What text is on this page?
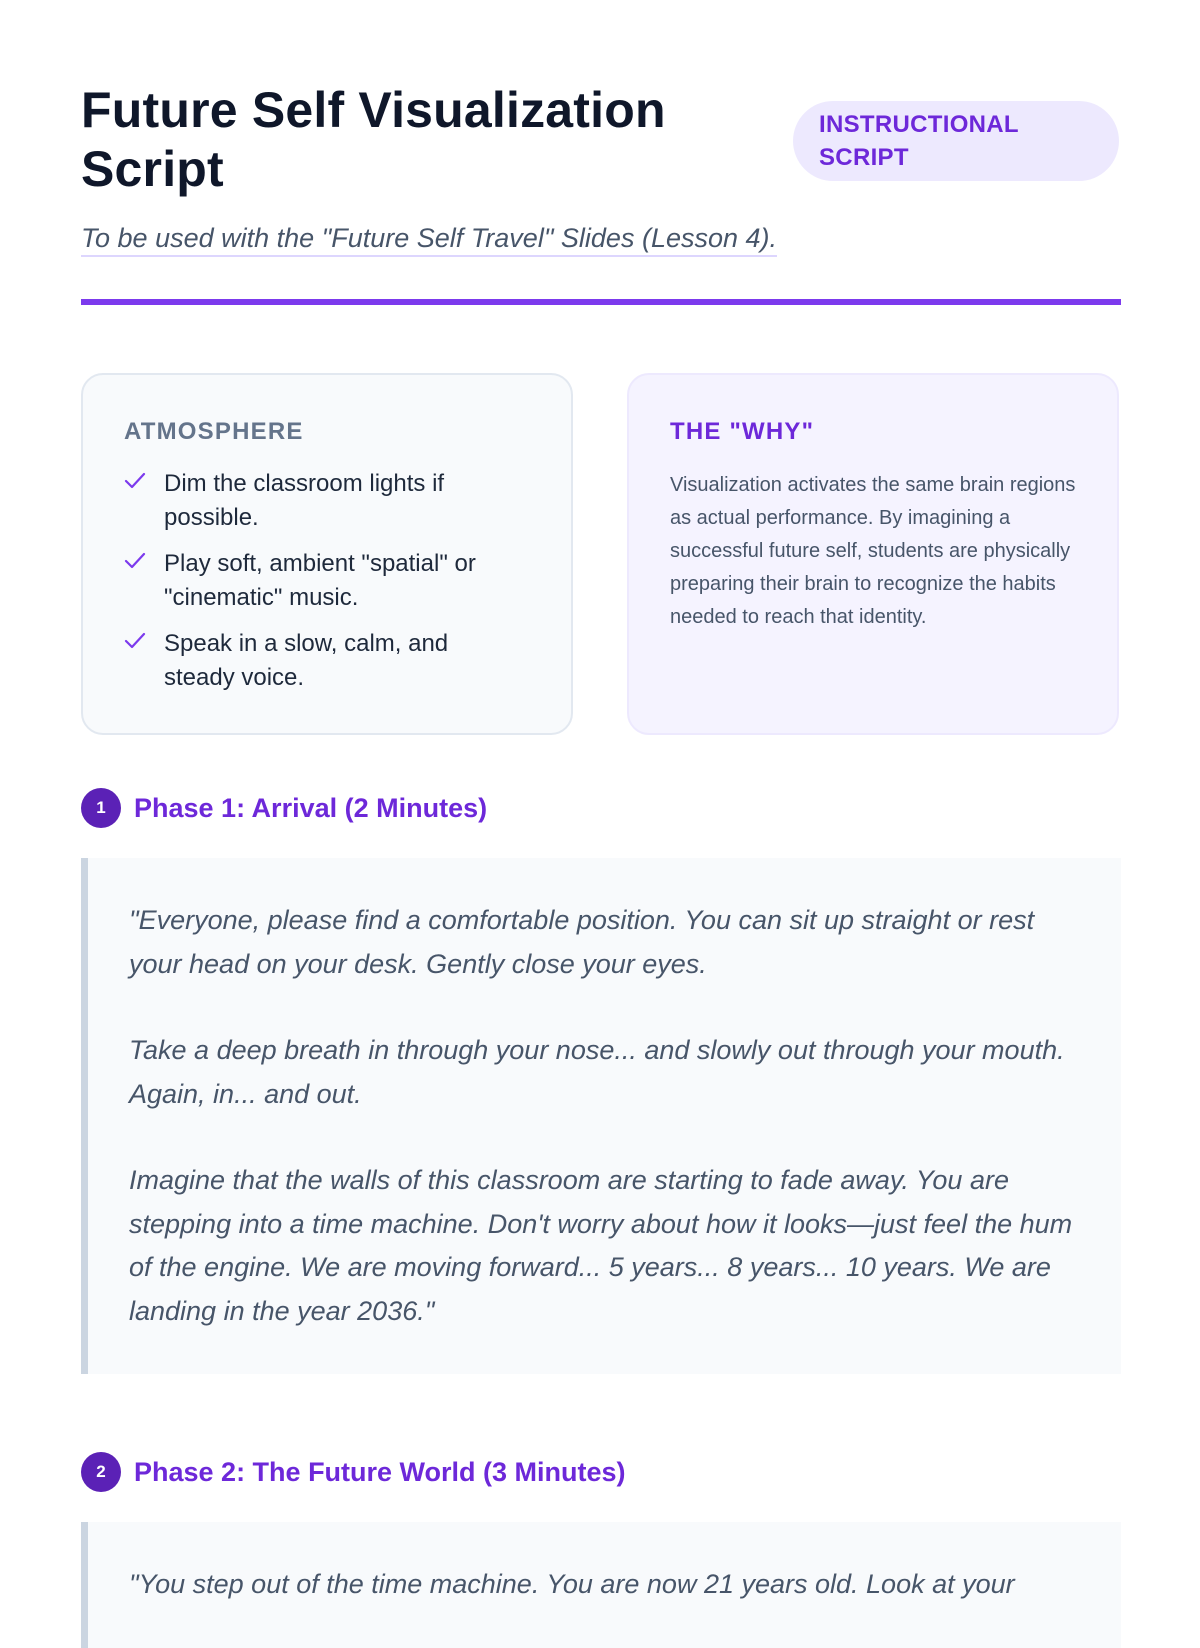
Future Self Visualization Script
INSTRUCTIONAL SCRIPT

To be used with the "Future Self Travel" Slides (Lesson 4).

ATMOSPHERE
Dim the classroom lights if possible.
Play soft, ambient "spatial" or "cinematic" music.
Speak in a slow, calm, and steady voice.
THE "WHY"

Visualization activates the same brain regions as actual performance. By imagining a successful future self, students are physically preparing their brain to recognize the habits needed to reach that identity.

1	Phase 1: Arrival (2 Minutes)

"Everyone, please find a comfortable position. You can sit up straight or rest your head on your desk. Gently close your eyes.

Take a deep breath in through your nose... and slowly out through your mouth. Again, in... and out.

Imagine that the walls of this classroom are starting to fade away. You are stepping into a time machine. Don't worry about how it looks—just feel the hum of the engine. We are moving forward... 5 years... 8 years... 10 years. We are landing in the year 2036."

2	Phase 2: The Future World (3 Minutes)

"You step out of the time machine. You are now 21 years old. Look at your
